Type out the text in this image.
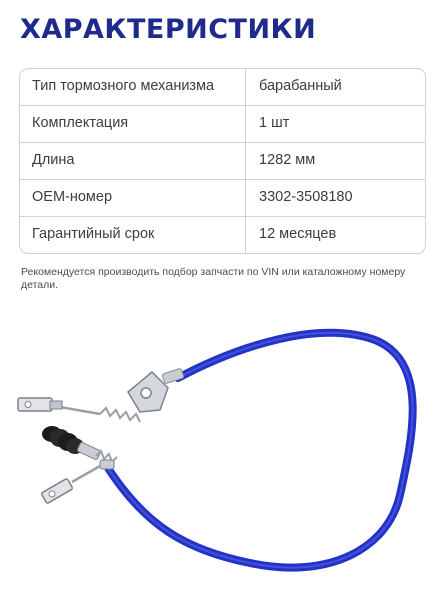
ХАРАКТЕРИСТИКИ
Тип тормозного механизма	барабанный
Комплектация	1 шт
Длина	1282 мм
OEM-номер	3302-3508180
Гарантийный срок	12 месяцев

Рекомендуется производить подбор запчасти по VIN или каталожному номеру детали.
